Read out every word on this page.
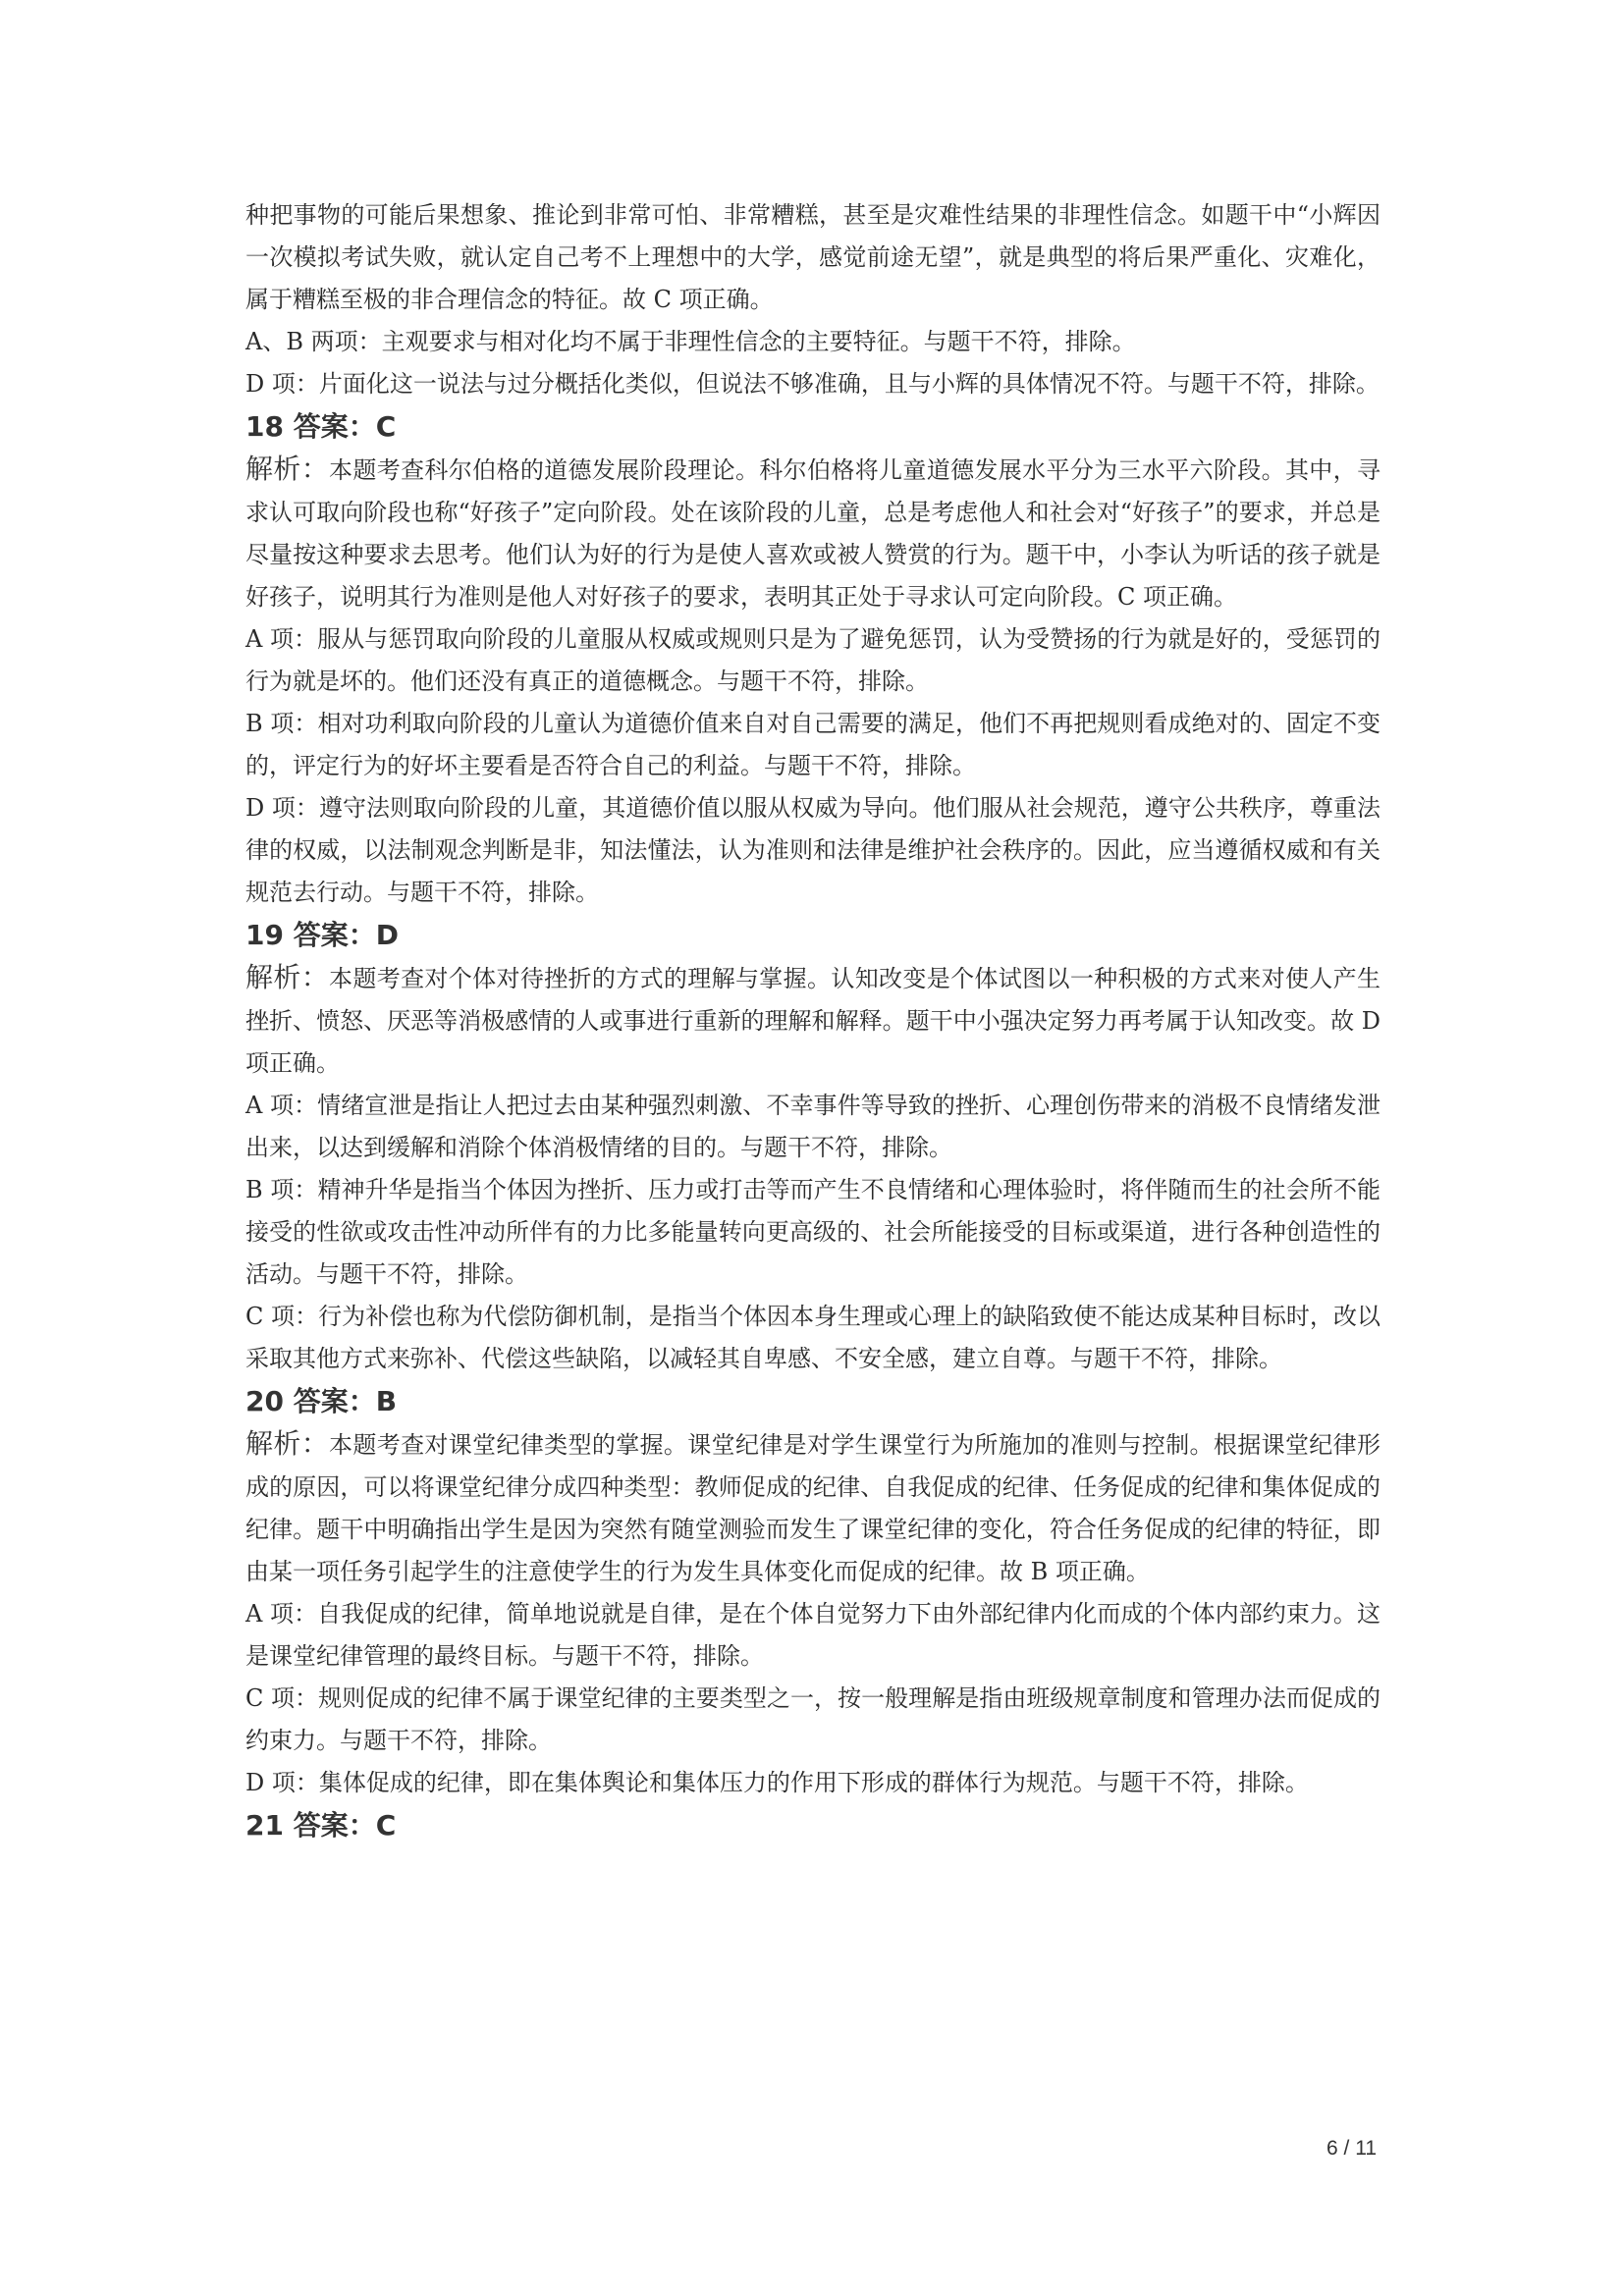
种把事物的可能后果想象、推论到非常可怕、非常糟糕，甚至是灾难性结果的非理性信念。如题干中“小辉因一次模拟考试失败，就认定自己考不上理想中的大学，感觉前途无望”，就是典型的将后果严重化、灾难化，属于糟糕至极的非合理信念的特征。故 C 项正确。

A、B 两项：主观要求与相对化均不属于非理性信念的主要特征。与题干不符，排除。

D 项：片面化这一说法与过分概括化类似，但说法不够准确，且与小辉的具体情况不符。与题干不符，排除。

18 答案：C

解析：本题考查科尔伯格的道德发展阶段理论。科尔伯格将儿童道德发展水平分为三水平六阶段。其中，寻求认可取向阶段也称“好孩子”定向阶段。处在该阶段的儿童，总是考虑他人和社会对“好孩子”的要求，并总是尽量按这种要求去思考。他们认为好的行为是使人喜欢或被人赞赏的行为。题干中，小李认为听话的孩子就是好孩子，说明其行为准则是他人对好孩子的要求，表明其正处于寻求认可定向阶段。C 项正确。

A 项：服从与惩罚取向阶段的儿童服从权威或规则只是为了避免惩罚，认为受赞扬的行为就是好的，受惩罚的行为就是坏的。他们还没有真正的道德概念。与题干不符，排除。

B 项：相对功利取向阶段的儿童认为道德价值来自对自己需要的满足，他们不再把规则看成绝对的、固定不变的，评定行为的好坏主要看是否符合自己的利益。与题干不符，排除。

D 项：遵守法则取向阶段的儿童，其道德价值以服从权威为导向。他们服从社会规范，遵守公共秩序，尊重法律的权威，以法制观念判断是非，知法懂法，认为准则和法律是维护社会秩序的。因此，应当遵循权威和有关规范去行动。与题干不符，排除。

19 答案：D

解析：本题考查对个体对待挫折的方式的理解与掌握。认知改变是个体试图以一种积极的方式来对使人产生挫折、愤怒、厌恶等消极感情的人或事进行重新的理解和解释。题干中小强决定努力再考属于认知改变。故 D 项正确。

A 项：情绪宣泄是指让人把过去由某种强烈刺激、不幸事件等导致的挫折、心理创伤带来的消极不良情绪发泄出来，以达到缓解和消除个体消极情绪的目的。与题干不符，排除。

B 项：精神升华是指当个体因为挫折、压力或打击等而产生不良情绪和心理体验时，将伴随而生的社会所不能接受的性欲或攻击性冲动所伴有的力比多能量转向更高级的、社会所能接受的目标或渠道，进行各种创造性的活动。与题干不符，排除。

C 项：行为补偿也称为代偿防御机制，是指当个体因本身生理或心理上的缺陷致使不能达成某种目标时，改以采取其他方式来弥补、代偿这些缺陷，以减轻其自卑感、不安全感，建立自尊。与题干不符，排除。

20 答案：B

解析：本题考查对课堂纪律类型的掌握。课堂纪律是对学生课堂行为所施加的准则与控制。根据课堂纪律形成的原因，可以将课堂纪律分成四种类型：教师促成的纪律、自我促成的纪律、任务促成的纪律和集体促成的纪律。题干中明确指出学生是因为突然有随堂测验而发生了课堂纪律的变化，符合任务促成的纪律的特征，即由某一项任务引起学生的注意使学生的行为发生具体变化而促成的纪律。故 B 项正确。

A 项：自我促成的纪律，简单地说就是自律，是在个体自觉努力下由外部纪律内化而成的个体内部约束力。这是课堂纪律管理的最终目标。与题干不符，排除。

C 项：规则促成的纪律不属于课堂纪律的主要类型之一，按一般理解是指由班级规章制度和管理办法而促成的约束力。与题干不符，排除。

D 项：集体促成的纪律，即在集体舆论和集体压力的作用下形成的群体行为规范。与题干不符，排除。

21 答案：C

6 / 11
